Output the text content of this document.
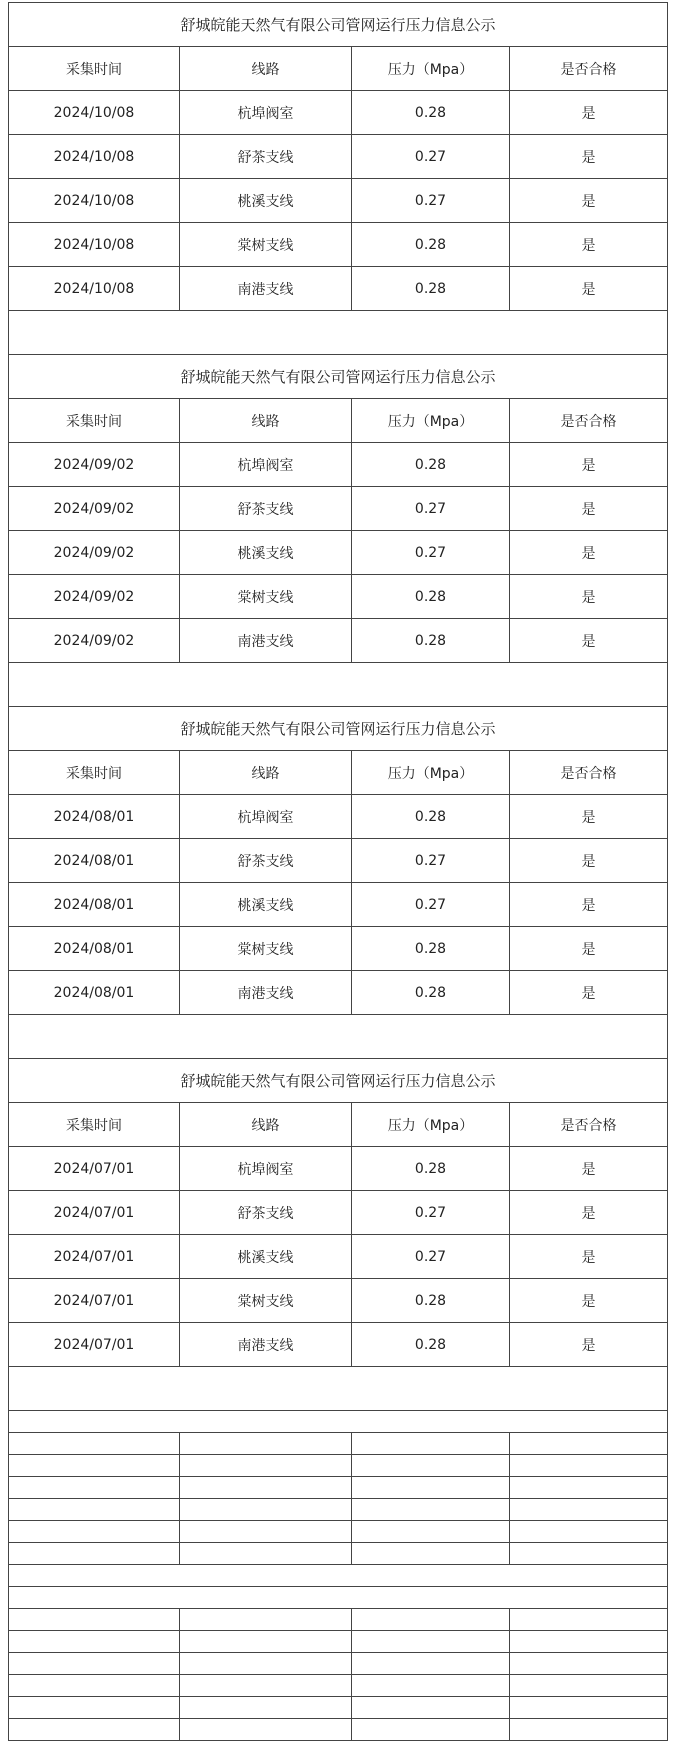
舒城皖能天然气有限公司管网运行压力信息公示			
采集时间	线路	压力（Mpa）	是否合格
2024/10/08	杭埠阀室	0.28	是
2024/10/08	舒茶支线	0.27	是
2024/10/08	桃溪支线	0.27	是
2024/10/08	棠树支线	0.28	是
2024/10/08	南港支线	0.28	是

舒城皖能天然气有限公司管网运行压力信息公示			
采集时间	线路	压力（Mpa）	是否合格
2024/09/02	杭埠阀室	0.28	是
2024/09/02	舒茶支线	0.27	是
2024/09/02	桃溪支线	0.27	是
2024/09/02	棠树支线	0.28	是
2024/09/02	南港支线	0.28	是

舒城皖能天然气有限公司管网运行压力信息公示			
采集时间	线路	压力（Mpa）	是否合格
2024/08/01	杭埠阀室	0.28	是
2024/08/01	舒茶支线	0.27	是
2024/08/01	桃溪支线	0.27	是
2024/08/01	棠树支线	0.28	是
2024/08/01	南港支线	0.28	是

舒城皖能天然气有限公司管网运行压力信息公示			
采集时间	线路	压力（Mpa）	是否合格
2024/07/01	杭埠阀室	0.28	是
2024/07/01	舒茶支线	0.27	是
2024/07/01	桃溪支线	0.27	是
2024/07/01	棠树支线	0.28	是
2024/07/01	南港支线	0.28	是
